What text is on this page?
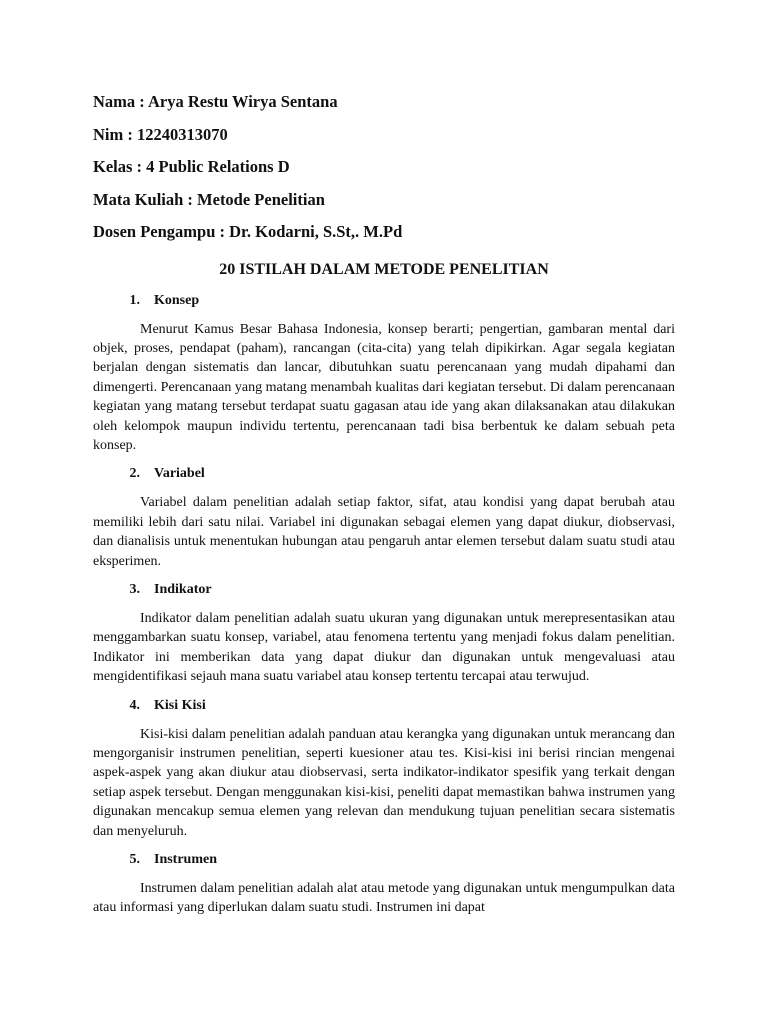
Nama : Arya Restu Wirya Sentana

Nim : 12240313070

Kelas : 4 Public Relations D

Mata Kuliah : Metode Penelitian

Dosen Pengampu : Dr. Kodarni, S.St,. M.Pd

20 ISTILAH DALAM METODE PENELITIAN
1. Konsep

Menurut Kamus Besar Bahasa Indonesia, konsep berarti; pengertian, gambaran mental dari objek, proses, pendapat (paham), rancangan (cita-cita) yang telah dipikirkan. Agar segala kegiatan berjalan dengan sistematis dan lancar, dibutuhkan suatu perencanaan yang mudah dipahami dan dimengerti. Perencanaan yang matang menambah kualitas dari kegiatan tersebut. Di dalam perencanaan kegiatan yang matang tersebut terdapat suatu gagasan atau ide yang akan dilaksanakan atau dilakukan oleh kelompok maupun individu tertentu, perencanaan tadi bisa berbentuk ke dalam sebuah peta konsep.

2. Variabel

Variabel dalam penelitian adalah setiap faktor, sifat, atau kondisi yang dapat berubah atau memiliki lebih dari satu nilai. Variabel ini digunakan sebagai elemen yang dapat diukur, diobservasi, dan dianalisis untuk menentukan hubungan atau pengaruh antar elemen tersebut dalam suatu studi atau eksperimen.

3. Indikator

Indikator dalam penelitian adalah suatu ukuran yang digunakan untuk merepresentasikan atau menggambarkan suatu konsep, variabel, atau fenomena tertentu yang menjadi fokus dalam penelitian. Indikator ini memberikan data yang dapat diukur dan digunakan untuk mengevaluasi atau mengidentifikasi sejauh mana suatu variabel atau konsep tertentu tercapai atau terwujud.

4. Kisi Kisi

Kisi-kisi dalam penelitian adalah panduan atau kerangka yang digunakan untuk merancang dan mengorganisir instrumen penelitian, seperti kuesioner atau tes. Kisi-kisi ini berisi rincian mengenai aspek-aspek yang akan diukur atau diobservasi, serta indikator-indikator spesifik yang terkait dengan setiap aspek tersebut. Dengan menggunakan kisi-kisi, peneliti dapat memastikan bahwa instrumen yang digunakan mencakup semua elemen yang relevan dan mendukung tujuan penelitian secara sistematis dan menyeluruh.

5. Instrumen

Instrumen dalam penelitian adalah alat atau metode yang digunakan untuk mengumpulkan data atau informasi yang diperlukan dalam suatu studi. Instrumen ini dapat
